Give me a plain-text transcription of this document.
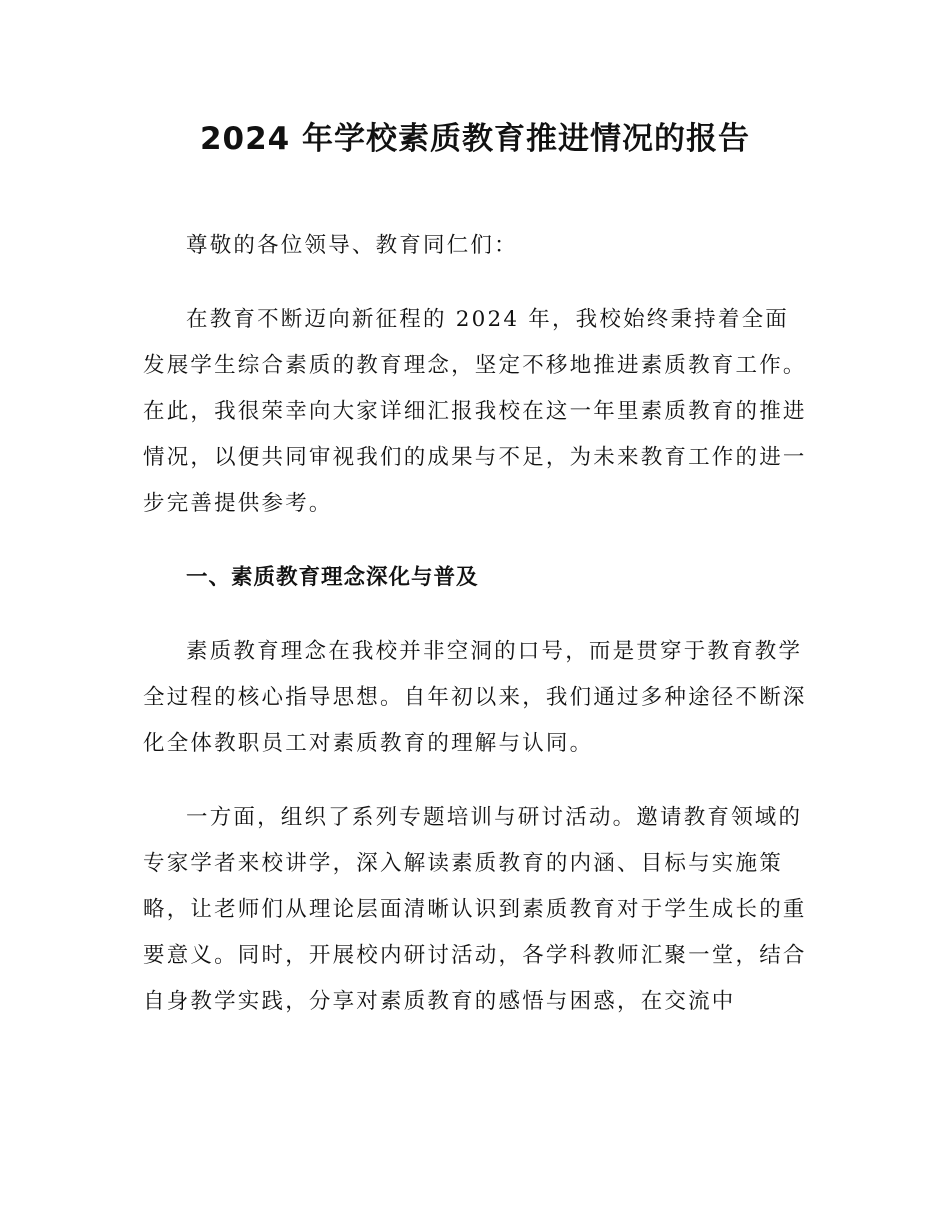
2024 年学校素质教育推进情况的报告

尊敬的各位领导、教育同仁们：

在教育不断迈向新征程的 2024 年，我校始终秉持着全面发展学生综合素质的教育理念，坚定不移地推进素质教育工作。在此，我很荣幸向大家详细汇报我校在这一年里素质教育的推进情况，以便共同审视我们的成果与不足，为未来教育工作的进一步完善提供参考。

一、素质教育理念深化与普及

素质教育理念在我校并非空洞的口号，而是贯穿于教育教学全过程的核心指导思想。自年初以来，我们通过多种途径不断深化全体教职员工对素质教育的理解与认同。

一方面，组织了系列专题培训与研讨活动。邀请教育领域的专家学者来校讲学，深入解读素质教育的内涵、目标与实施策略，让老师们从理论层面清晰认识到素质教育对于学生成长的重要意义。同时，开展校内研讨活动，各学科教师汇聚一堂，结合自身教学实践，分享对素质教育的感悟与困惑，在交流中
